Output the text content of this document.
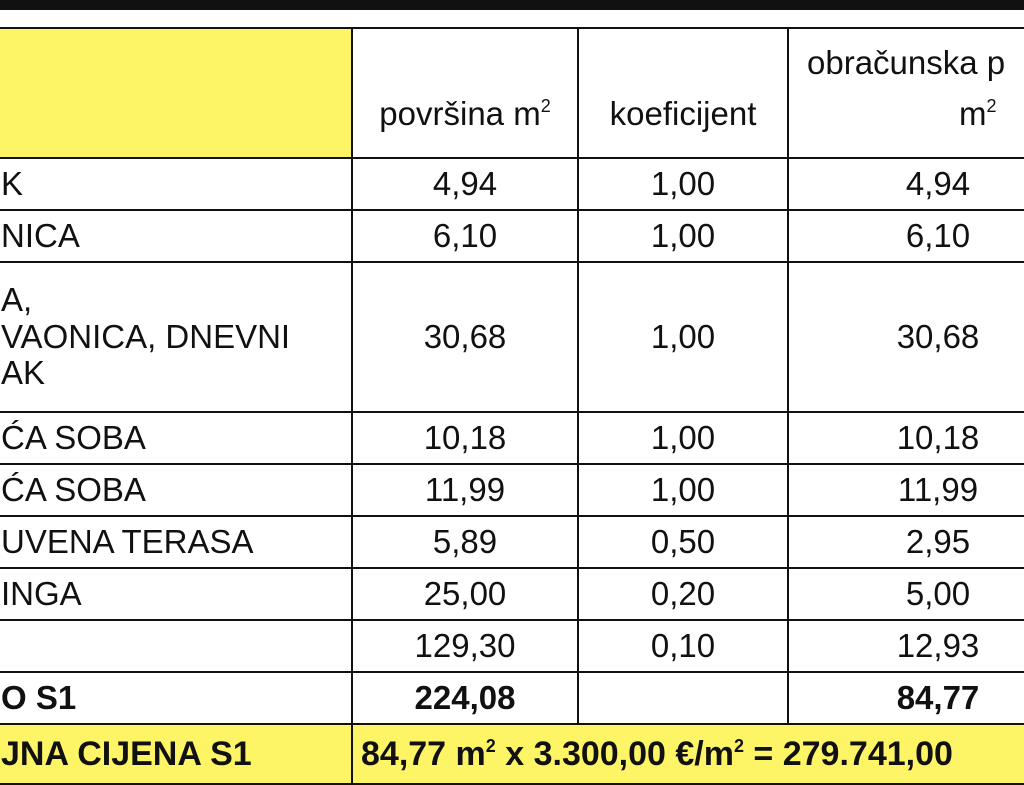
	površina $m^2$	koeficijent	obračunska p
$m^2$

K	4,94	1,00	4,94
NICA	6,10	1,00	6,10
A,
VAONICA, DNEVNI
AK	30,68	1,00	30,68
ĆA SOBA	10,18	1,00	10,18
ĆA SOBA	11,99	1,00	11,99
UVENA TERASA	5,89	0,50	2,95
INGA	25,00	0,20	5,00
	129,30	0,10	12,93
O S1	224,08		84,77
JNA CIJENA S1	84,77 $m^2$ x 3.300,00 $€/m^2 = 279.741,00$		
